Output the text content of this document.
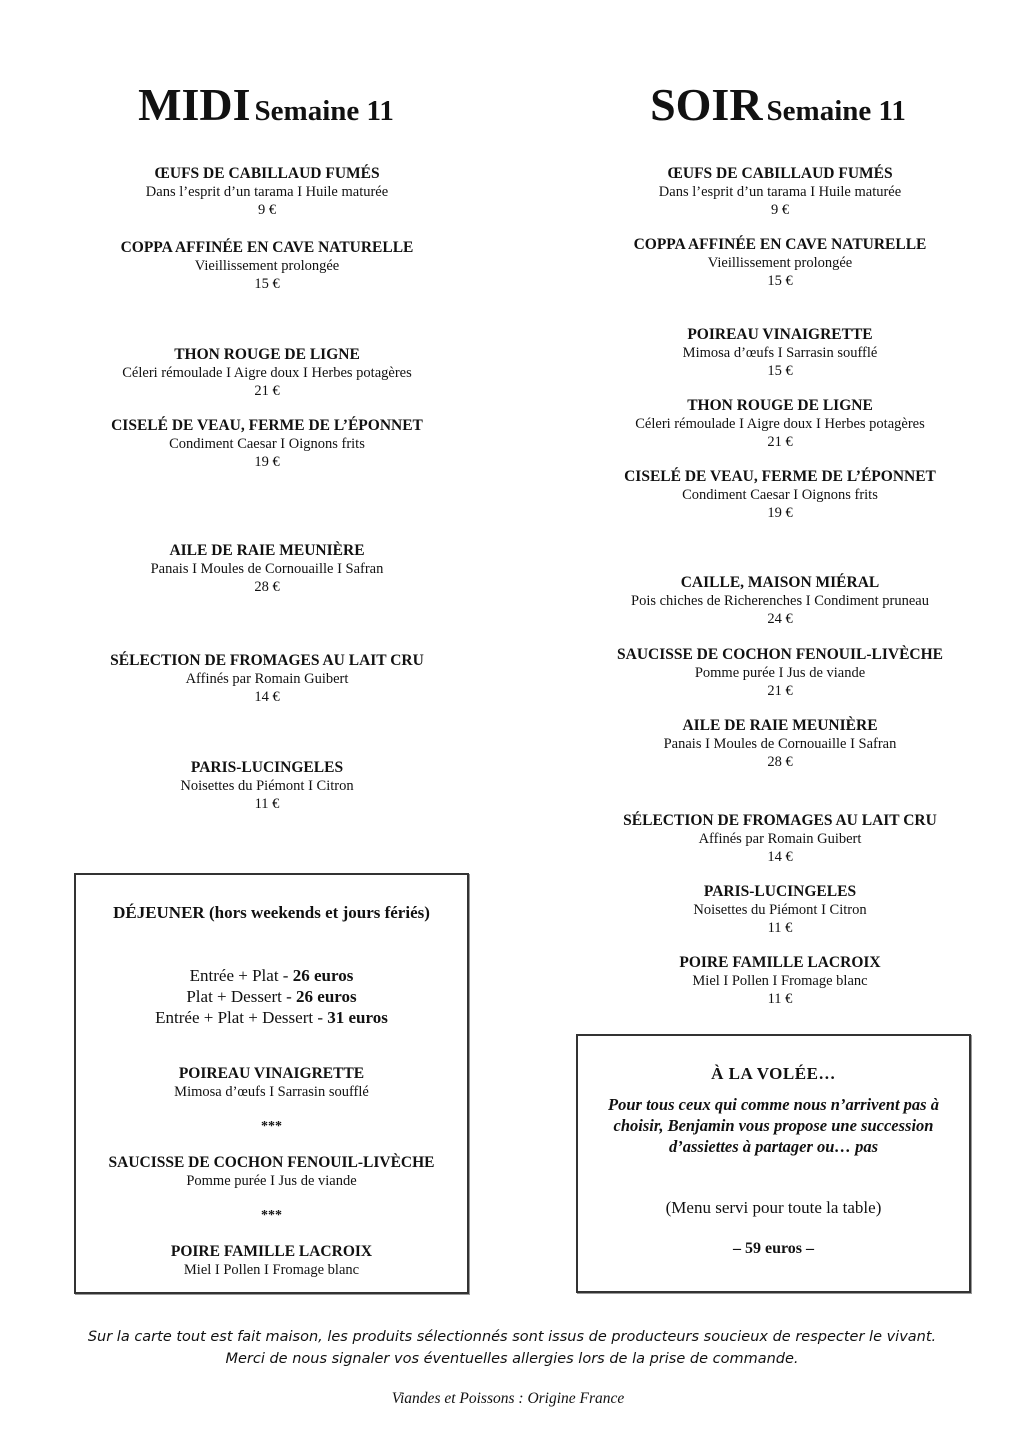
MIDI Semaine 11	SOIR Semaine 11
ŒUFS DE CABILLAUD FUMÉS
Dans l’esprit d’un tarama I Huile maturée
9 €
COPPA AFFINÉE EN CAVE NATURELLE
Vieillissement prolongée
15 €
THON ROUGE DE LIGNE
Céleri rémoulade I Aigre doux I Herbes potagères
21 €
CISELÉ DE VEAU, FERME DE L’ÉPONNET
Condiment Caesar I Oignons frits
19 €
AILE DE RAIE MEUNIÈRE
Panais I Moules de Cornouaille I Safran
28 €
SÉLECTION DE FROMAGES AU LAIT CRU
Affinés par Romain Guibert
14 €
PARIS-LUCINGELES
Noisettes du Piémont I Citron
11 €
ŒUFS DE CABILLAUD FUMÉS
Dans l’esprit d’un tarama I Huile maturée
9 €
COPPA AFFINÉE EN CAVE NATURELLE
Vieillissement prolongée
15 €
POIREAU VINAIGRETTE
Mimosa d’œufs I Sarrasin soufflé
15 €
THON ROUGE DE LIGNE
Céleri rémoulade I Aigre doux I Herbes potagères
21 €
CISELÉ DE VEAU, FERME DE L’ÉPONNET
Condiment Caesar I Oignons frits
19 €
CAILLE, MAISON MIÉRAL
Pois chiches de Richerenches I Condiment pruneau
24 €
SAUCISSE DE COCHON FENOUIL-LIVÈCHE
Pomme purée I Jus de viande
21 €
AILE DE RAIE MEUNIÈRE
Panais I Moules de Cornouaille I Safran
28 €
SÉLECTION DE FROMAGES AU LAIT CRU
Affinés par Romain Guibert
14 €
PARIS-LUCINGELES
Noisettes du Piémont I Citron
11 €
POIRE FAMILLE LACROIX
Miel I Pollen I Fromage blanc
11 €
DÉJEUNER (hors weekends et jours fériés)
Entrée + Plat - 26 euros
Plat + Dessert - 26 euros
Entrée + Plat + Dessert - 31 euros
POIREAU VINAIGRETTE
Mimosa d’œufs I Sarrasin soufflé
***
SAUCISSE DE COCHON FENOUIL-LIVÈCHE
Pomme purée I Jus de viande
***
POIRE FAMILLE LACROIX
Miel I Pollen I Fromage blanc
À LA VOLÉE…
Pour tous ceux qui comme nous n’arrivent pas à choisir, Benjamin vous propose une succession d’assiettes à partager ou… pas
(Menu servi pour toute la table)
– 59 euros –
Sur la carte tout est fait maison, les produits sélectionnés sont issus de producteurs soucieux de respecter le vivant.
Merci de nous signaler vos éventuelles allergies lors de la prise de commande.
Viandes et Poissons : Origine France
